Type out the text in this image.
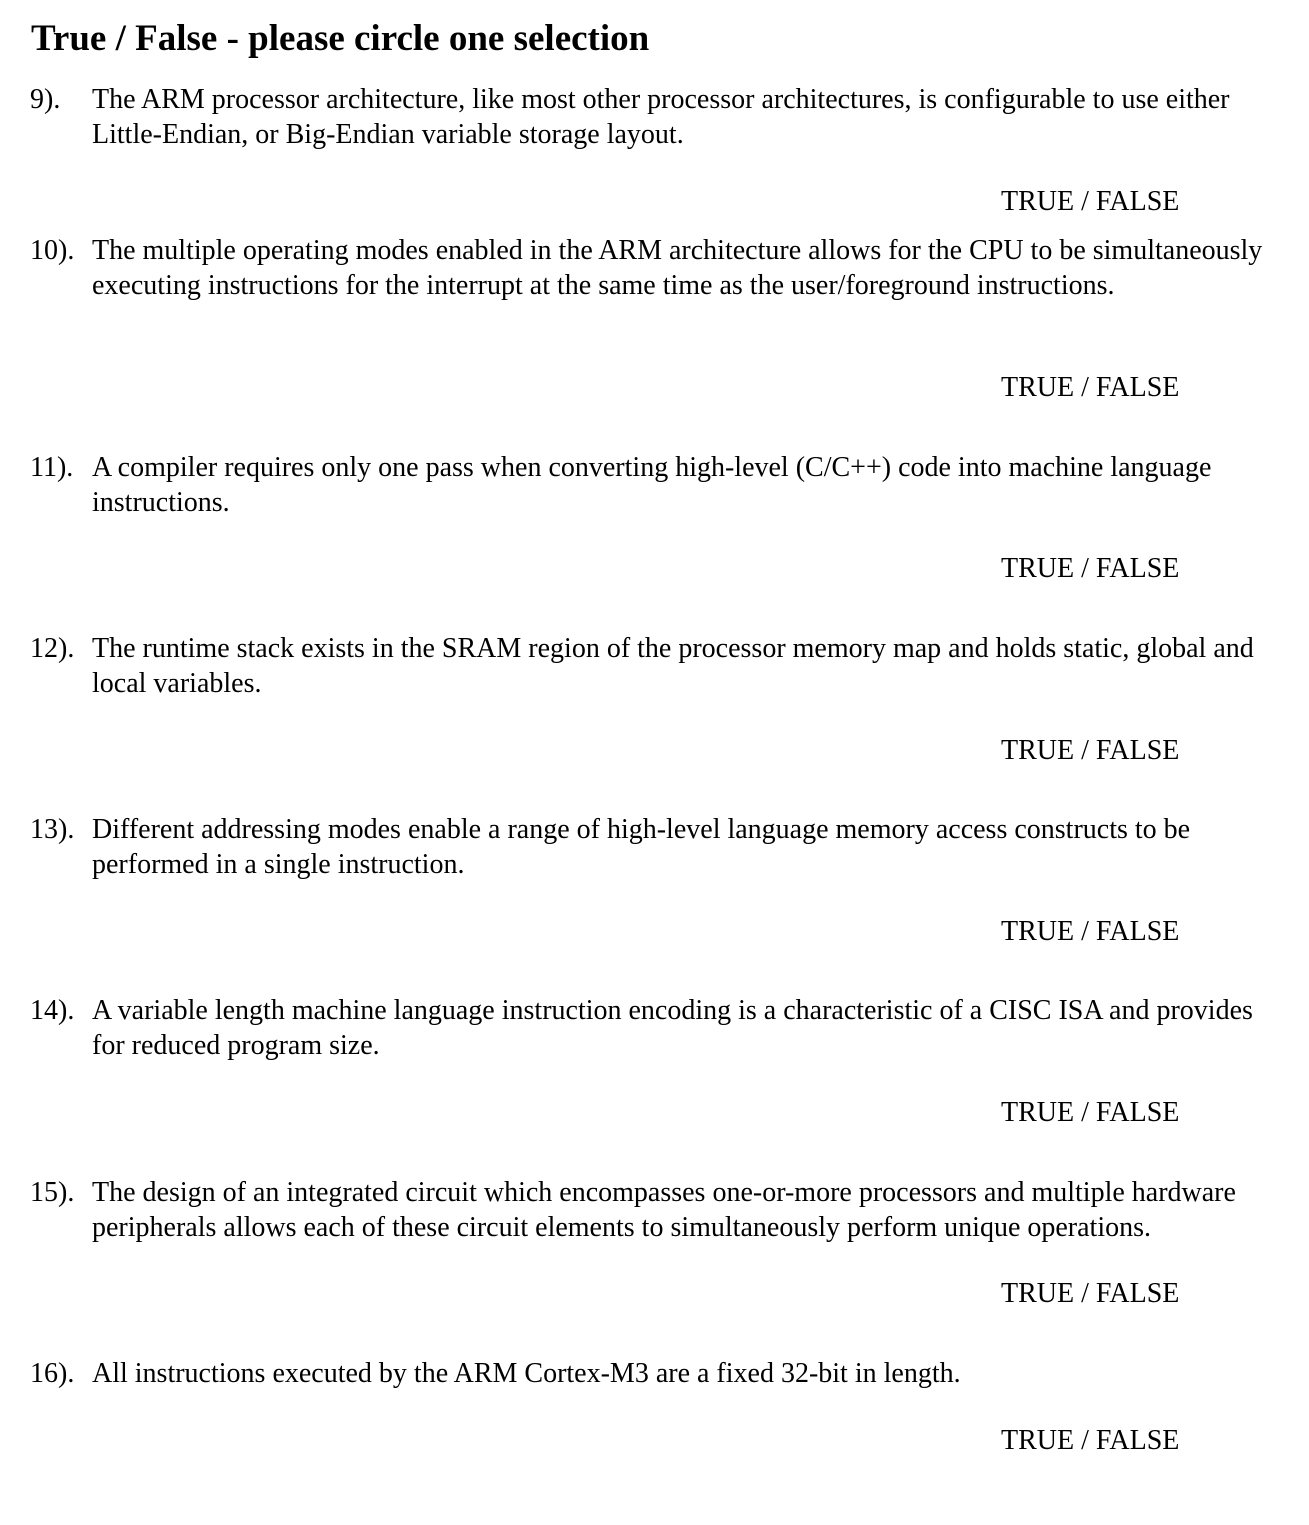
True / False - please circle one selection
9). The ARM processor architecture, like most other processor architectures, is configurable to use either Little-Endian, or Big-Endian variable storage layout.
TRUE / FALSE
10). The multiple operating modes enabled in the ARM architecture allows for the CPU to be simultaneously executing instructions for the interrupt at the same time as the user/foreground instructions.
TRUE / FALSE
11). A compiler requires only one pass when converting high-level (C/C++) code into machine language instructions.
TRUE / FALSE
12). The runtime stack exists in the SRAM region of the processor memory map and holds static, global and local variables.
TRUE / FALSE
13). Different addressing modes enable a range of high-level language memory access constructs to be performed in a single instruction.
TRUE / FALSE
14). A variable length machine language instruction encoding is a characteristic of a CISC ISA and provides for reduced program size.
TRUE / FALSE
15). The design of an integrated circuit which encompasses one-or-more processors and multiple hardware peripherals allows each of these circuit elements to simultaneously perform unique operations.
TRUE / FALSE
16). All instructions executed by the ARM Cortex-M3 are a fixed 32-bit in length.
TRUE / FALSE
